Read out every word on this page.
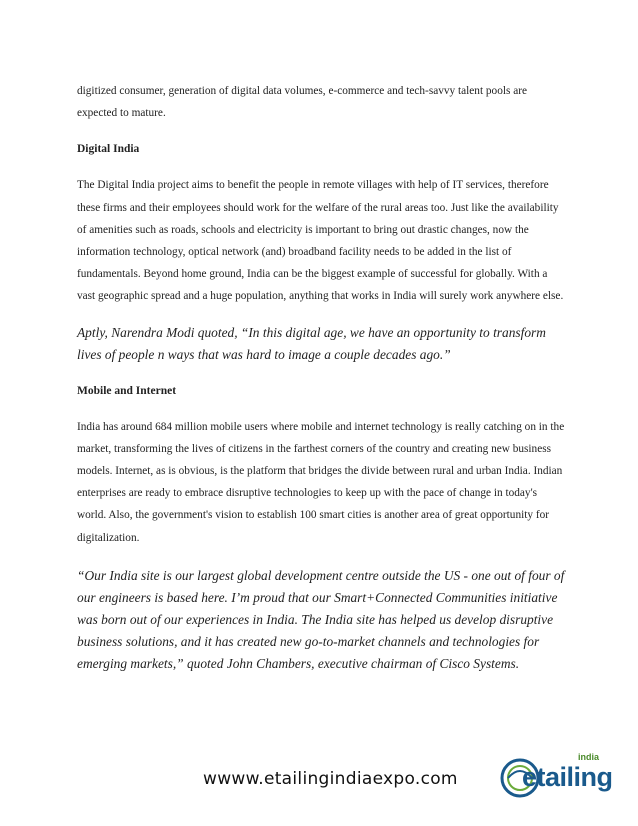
digitized consumer, generation of digital data volumes, e-commerce and tech-savvy talent pools are expected to mature.

Digital India

The Digital India project aims to benefit the people in remote villages with help of IT services, therefore these firms and their employees should work for the welfare of the rural areas too. Just like the availability of amenities such as roads, schools and electricity is important to bring out drastic changes, now the information technology, optical network (and) broadband facility needs to be added in the list of fundamentals. Beyond home ground, India can be the biggest example of successful for globally. With a vast geographic spread and a huge population, anything that works in India will surely work anywhere else.

Aptly, Narendra Modi quoted, “In this digital age, we have an opportunity to transform lives of people n ways that was hard to image a couple decades ago.”

Mobile and Internet

India has around 684 million mobile users where mobile and internet technology is really catching on in the market, transforming the lives of citizens in the farthest corners of the country and creating new business models. Internet, as is obvious, is the platform that bridges the divide between rural and urban India. Indian enterprises are ready to embrace disruptive technologies to keep up with the pace of change in today's world. Also, the government's vision to establish 100 smart cities is another area of great opportunity for digitalization.

“Our India site is our largest global development centre outside the US - one out of four of our engineers is based here. I’m proud that our Smart+Connected Communities initiative was born out of our experiences in India. The India site has helped us develop disruptive business solutions, and it has created new go-to-market channels and technologies for emerging markets,” quoted John Chambers, executive chairman of Cisco Systems.

wwww.etailingindiaexpo.com etailing
india
